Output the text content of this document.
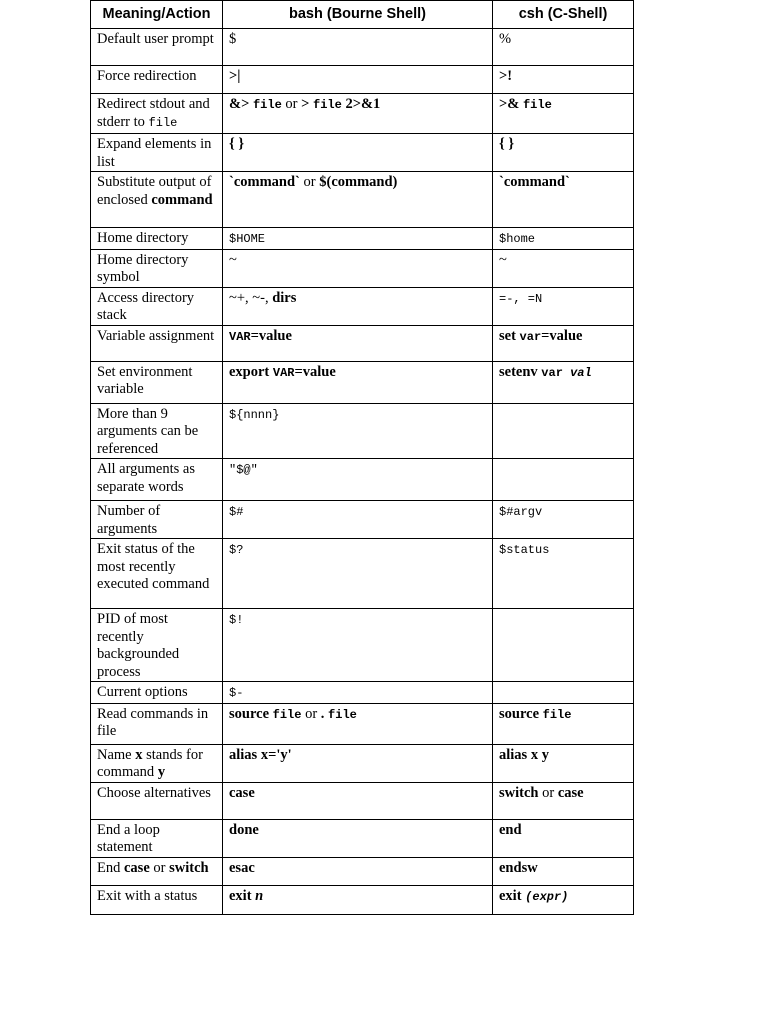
Meaning/Action	bash (Bourne Shell)	csh (C-Shell)
Default user prompt	$	%
Force redirection	>|	>!
Redirect stdout and stderr to file	&> file or > file 2>&1	>& file
Expand elements in list	{ }	{ }
Substitute output of enclosed command	`command` or $(command)	`command`
Home directory	$HOME	$home
Home directory symbol	~	~
Access directory stack	~+, ~-, dirs	=-, =N
Variable assignment	VAR=value	set var=value
Set environment variable	export VAR=value	setenv var val
More than 9 arguments can be referenced	${nnnn}	
All arguments as separate words	"$@"	
Number of arguments	$#	$#argv
Exit status of the most recently executed command	$?	$status
PID of most recently backgrounded process	$!	
Current options	$-	
Read commands in file	source file or . file	source file
Name x stands for command y	alias x='y'	alias x y
Choose alternatives	case	switch or case
End a loop statement	done	end
End case or switch	esac	endsw
Exit with a status	exit n	exit (expr)
